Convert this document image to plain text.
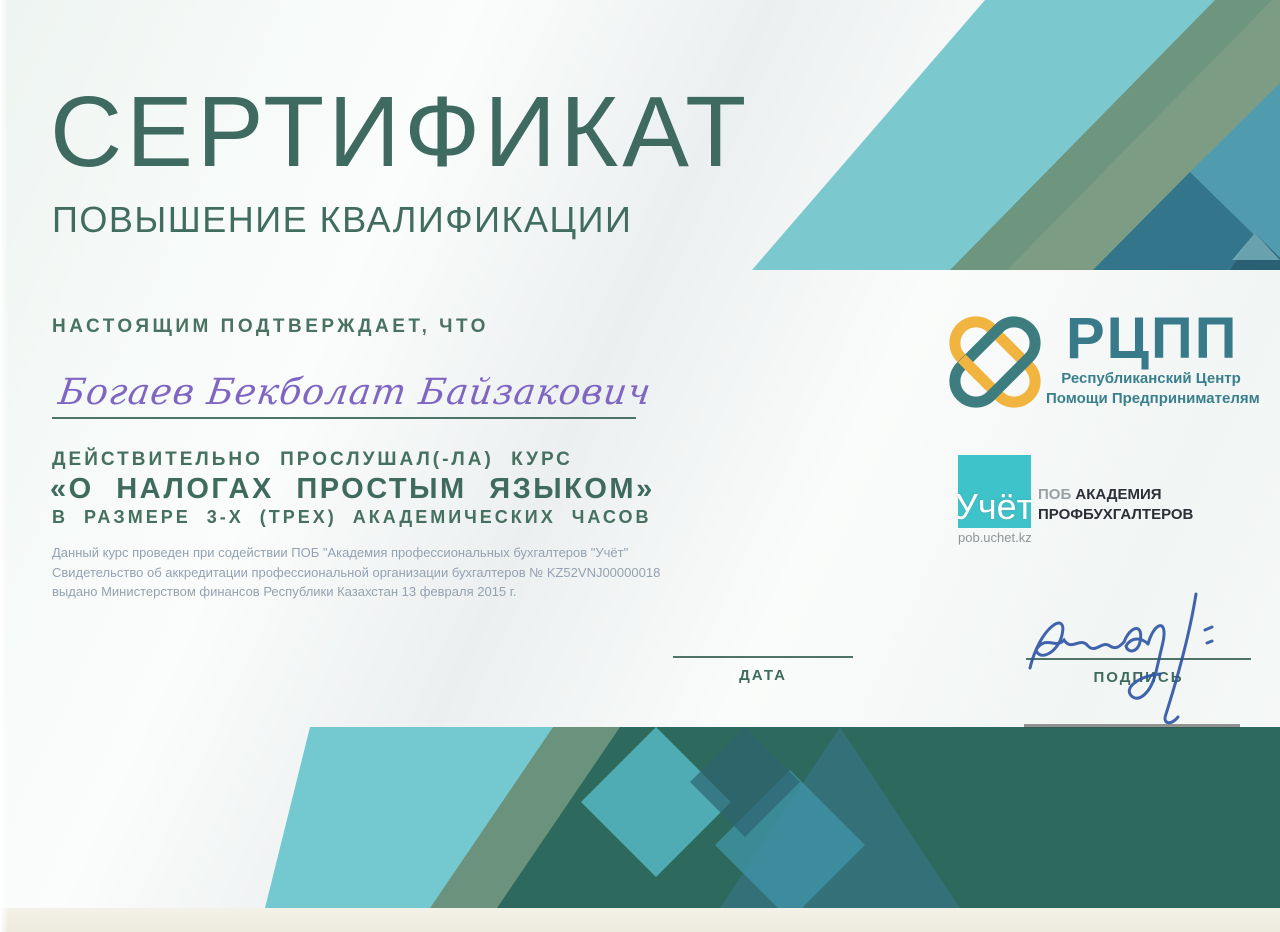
СЕРТИФИКАТ
ПОВЫШЕНИЕ КВАЛИФИКАЦИИ
НАСТОЯЩИМ ПОДТВЕРЖДАЕТ, ЧТО
Богаев Бекболат Байзакович
ДЕЙСТВИТЕЛЬНО ПРОСЛУШАЛ(-ЛА) КУРС
«О НАЛОГАХ ПРОСТЫМ ЯЗЫКОМ»
В РАЗМЕРЕ 3-Х (ТРЕХ) АКАДЕМИЧЕСКИХ ЧАСОВ
Данный курс проведен при содействии ПОБ "Академия профессиональных бухгалтеров "Учёт"
Свидетельство об аккредитации профессиональной организации бухгалтеров № KZ52VNJ00000018
выдано Министерством финансов Республики Казахстан 13 февраля 2015 г.
ДАТА	ПОДПИСЬ
РЦПП
Республиканский Центр
Помощи Предпринимателям
Учёт
pob.uchet.kz
ПОБ АКАДЕМИЯ
ПРОФБУХГАЛТЕРОВ
